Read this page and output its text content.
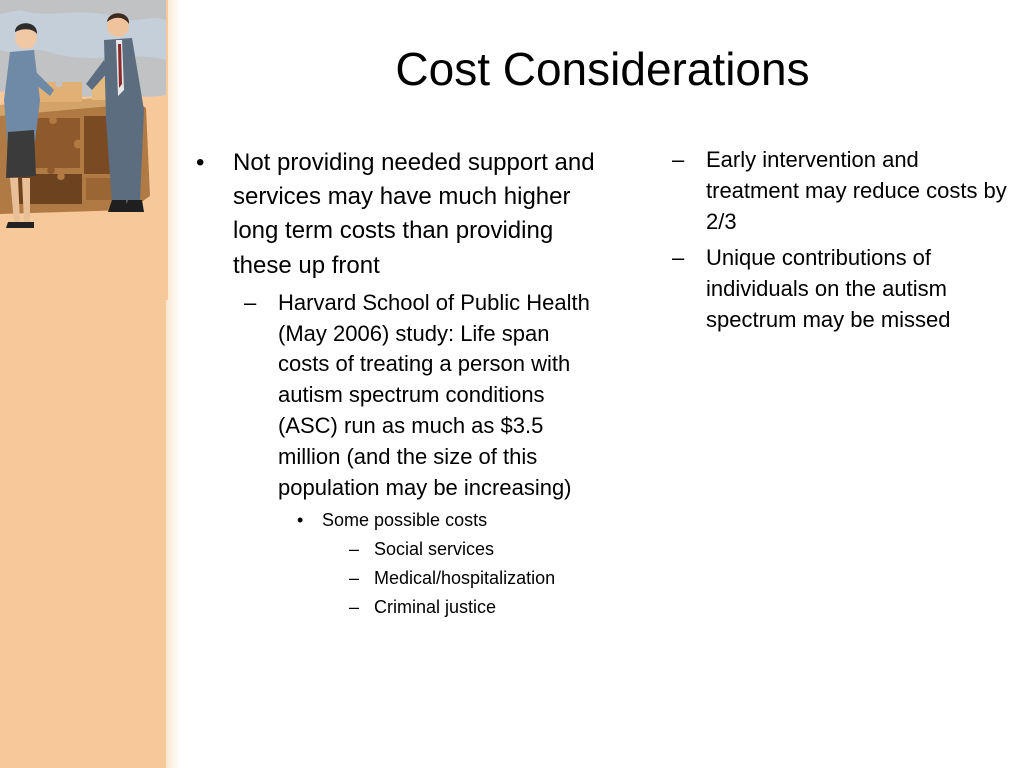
Cost Considerations
• Not providing needed support and services may have much higher long term costs than providing these up front
– Harvard School of Public Health (May 2006) study: Life span costs of treating a person with autism spectrum conditions (ASC) run as much as $3.5 million (and the size of this population may be increasing)
• Some possible costs
– Social services
– Medical/hospitalization
– Criminal justice
– Early intervention and treatment may reduce costs by 2/3
– Unique contributions of individuals on the autism spectrum may be missed
